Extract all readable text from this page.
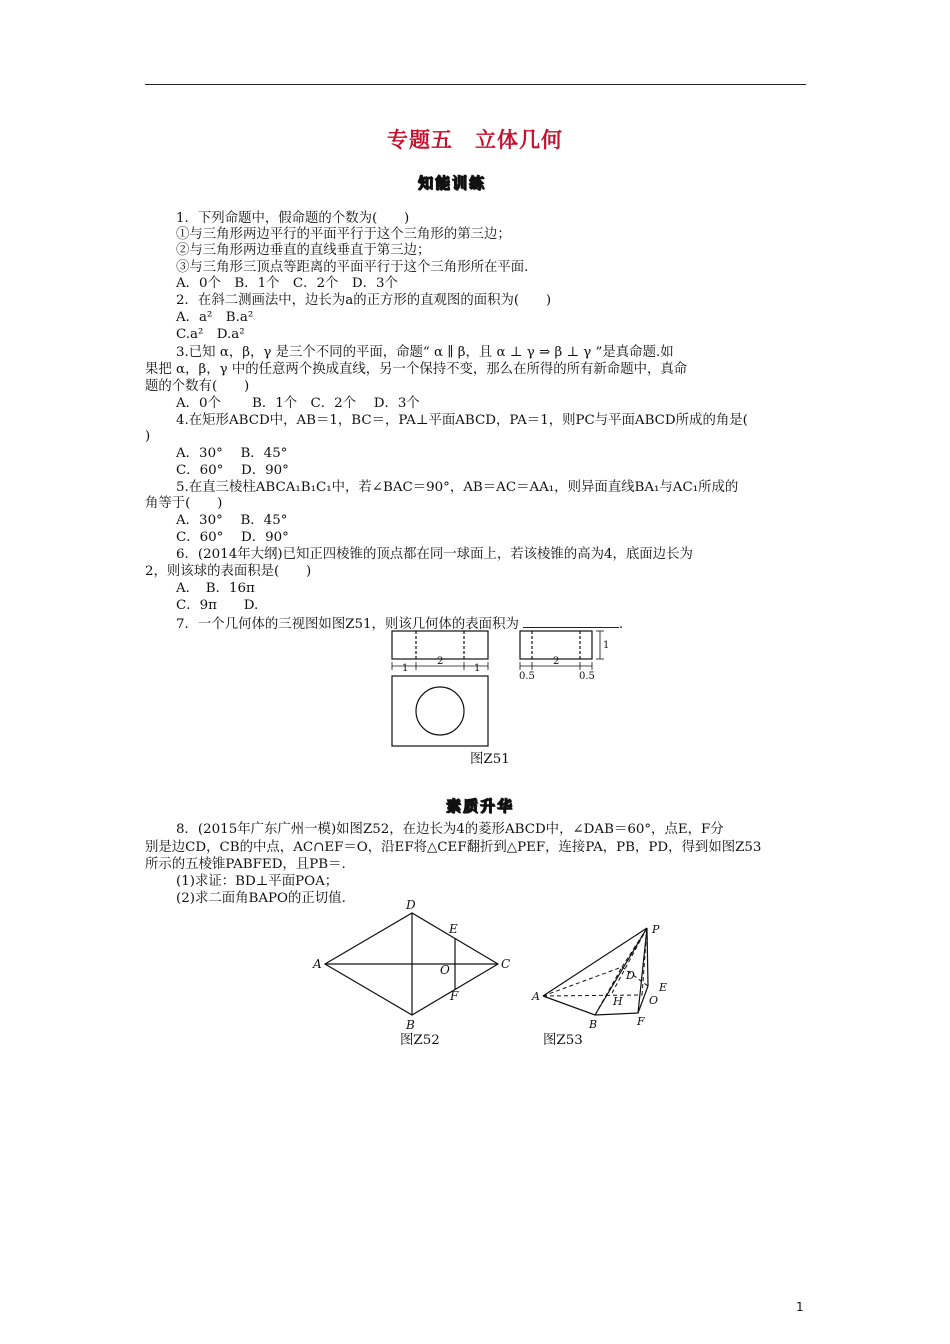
专题五　立体几何
知能训练
1．下列命题中，假命题的个数为(　　)
①与三角形两边平行的平面平行于这个三角形的第三边；
②与三角形两边垂直的直线垂直于第三边；
③与三角形三顶点等距离的平面平行于这个三角形所在平面.
A．0个　B．1个　C．2个　D．3个
2．在斜二测画法中，边长为a的正方形的直观图的面积为(　　)
A．a²　B.a²
C.a²　D.a²
3.已知 α，β，γ 是三个不同的平面，命题“ α ∥ β，且 α ⊥ γ ⇒ β ⊥ γ ”是真命题.如
果把 α，β，γ 中的任意两个换成直线，另一个保持不变，那么在所得的所有新命题中，真命
题的个数有(　　)
A．0个　　 B．1个　C．2个　 D．3个
4.在矩形ABCD中，AB＝1，BC＝，PA⊥平面ABCD，PA＝1，则PC与平面ABCD所成的角是(
)
A．30°　 B．45°
C．60°　 D．90°
5.在直三棱柱ABCA₁B₁C₁中，若∠BAC＝90°，AB＝AC＝AA₁，则异面直线BA₁与AC₁所成的
角等于(　　)
A．30°　 B．45°
C．60°　 D．90°
6．(2014年大纲)已知正四棱锥的顶点都在同一球面上，若该棱锥的高为4，底面边长为
2，则该球的表面积是(　　)
A．　B．16π
C．9π　　D.
7．一个几何体的三视图如图Z51，则该几何体的表面积为	.
1
2
1
0.5
2
0.5
1
图Z51
素质升华
8．(2015年广东广州一模)如图Z52，在边长为4的菱形ABCD中，∠DAB＝60°，点E，F分
别是边CD，CB的中点，AC∩EF＝O，沿EF将△CEF翻折到△PEF，连接PA，PB，PD，得到如图Z53
所示的五棱锥PABFED，且PB＝.
(1)求证：BD⊥平面POA；
(2)求二面角BAPO的正切值.	D
A	C
B
E
O
F
图Z52
P
D
A	H O
E
B	F
图Z53
1
